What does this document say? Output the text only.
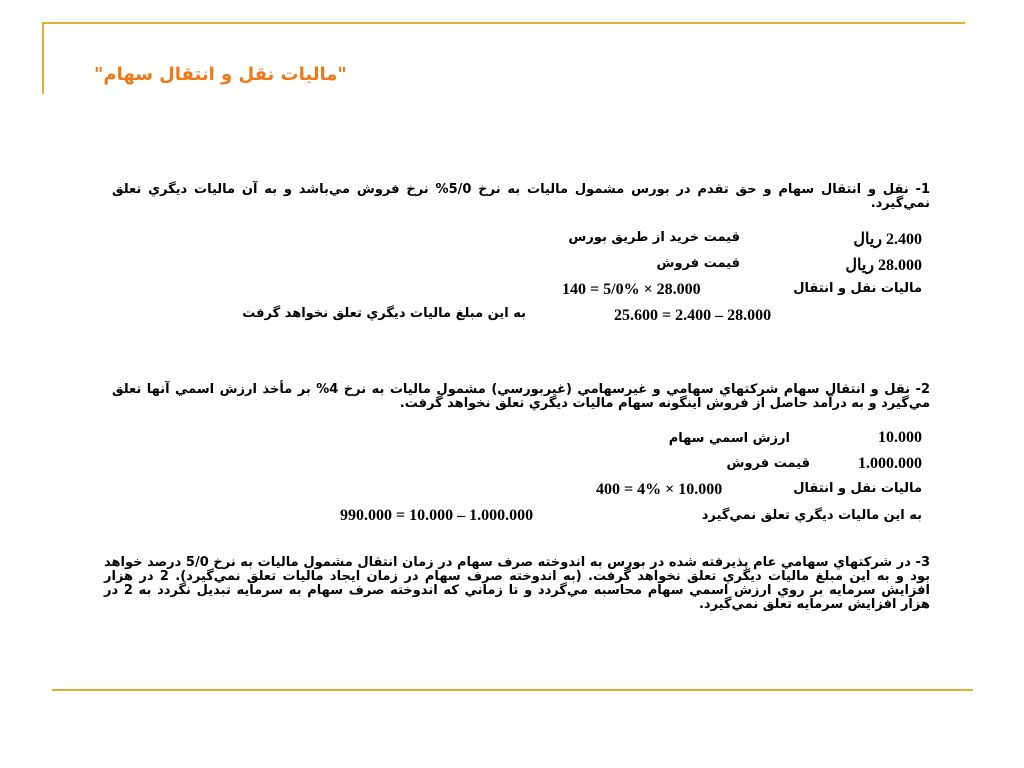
"ماليات نقل و انتقال سهام"
1- نقل و انتقال سهام و حق تقدم در بورس مشمول ماليات به نرخ 5/0% نرخ فروش مي‌باشد و به آن ماليات ديگري تعلق نمي‌گيرد.
2.400 ريال
قيمت خريد از طريق بورس
28.000 ريال
قيمت فروش
ماليات نقل و انتقال
140 = 5/0% × 28.000
25.600 = 2.400 – 28.000
به اين مبلغ ماليات ديگري تعلق نخواهد گرفت
2- نقل و انتقال سهام شركتهاي سهامي و غيرسهامي (غيربورسي) مشمول ماليات به نرخ 4% بر مأخذ ارزش اسمي آنها تعلق مي‌گيرد و به درآمد حاصل از فروش اينگونه سهام ماليات ديگري تعلق نخواهد گرفت.
10.000
ارزش اسمي سهام
1.000.000
قيمت فروش
ماليات نقل و انتقال
400 = 4% × 10.000
به اين ماليات ديگري تعلق نمي‌گيرد
990.000 = 10.000 – 1.000.000
3- در شركتهاي سهامي عام پذيرفته شده در بورس به اندوخته صرف سهام در زمان انتقال مشمول ماليات به نرخ 5/0 درصد خواهد بود و به اين مبلغ ماليات ديگري تعلق نخواهد گرفت. (به اندوخته صرف سهام در زمان ايجاد ماليات تعلق نمي‌گيرد). 2 در هزار افزايش سرمايه بر روي ارزش اسمي سهام محاسبه مي‌گردد و تا زماني كه اندوخته صرف سهام به سرمايه تبديل نگردد به 2 در هزار افزايش سرمايه تعلق نمي‌گيرد.
